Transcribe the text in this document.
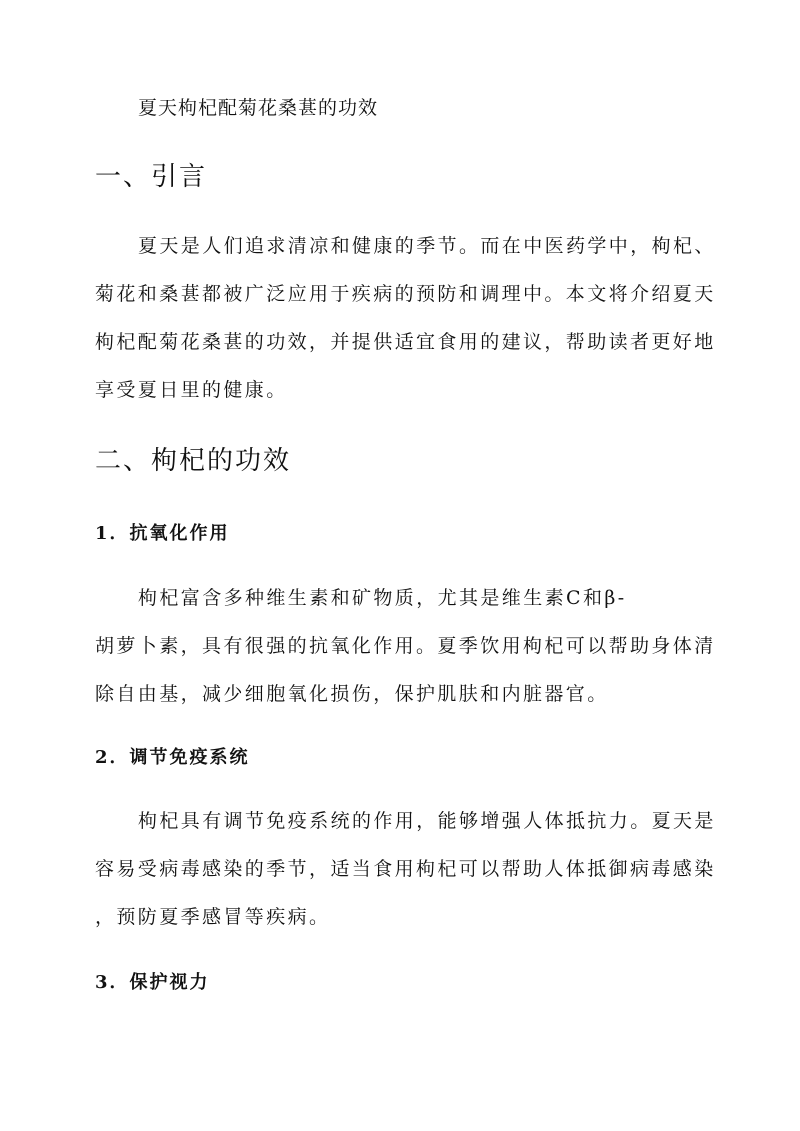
夏天枸杞配菊花桑葚的功效
一、引言
夏天是人们追求清凉和健康的季节。而在中医药学中，枸杞、
菊花和桑葚都被广泛应用于疾病的预防和调理中。本文将介绍夏天
枸杞配菊花桑葚的功效，并提供适宜食用的建议，帮助读者更好地
享受夏日里的健康。
二、枸杞的功效
1．抗氧化作用
枸杞富含多种维生素和矿物质，尤其是维生素C和β-
胡萝卜素，具有很强的抗氧化作用。夏季饮用枸杞可以帮助身体清
除自由基，减少细胞氧化损伤，保护肌肤和内脏器官。
2．调节免疫系统
枸杞具有调节免疫系统的作用，能够增强人体抵抗力。夏天是
容易受病毒感染的季节，适当食用枸杞可以帮助人体抵御病毒感染
，预防夏季感冒等疾病。
3．保护视力
